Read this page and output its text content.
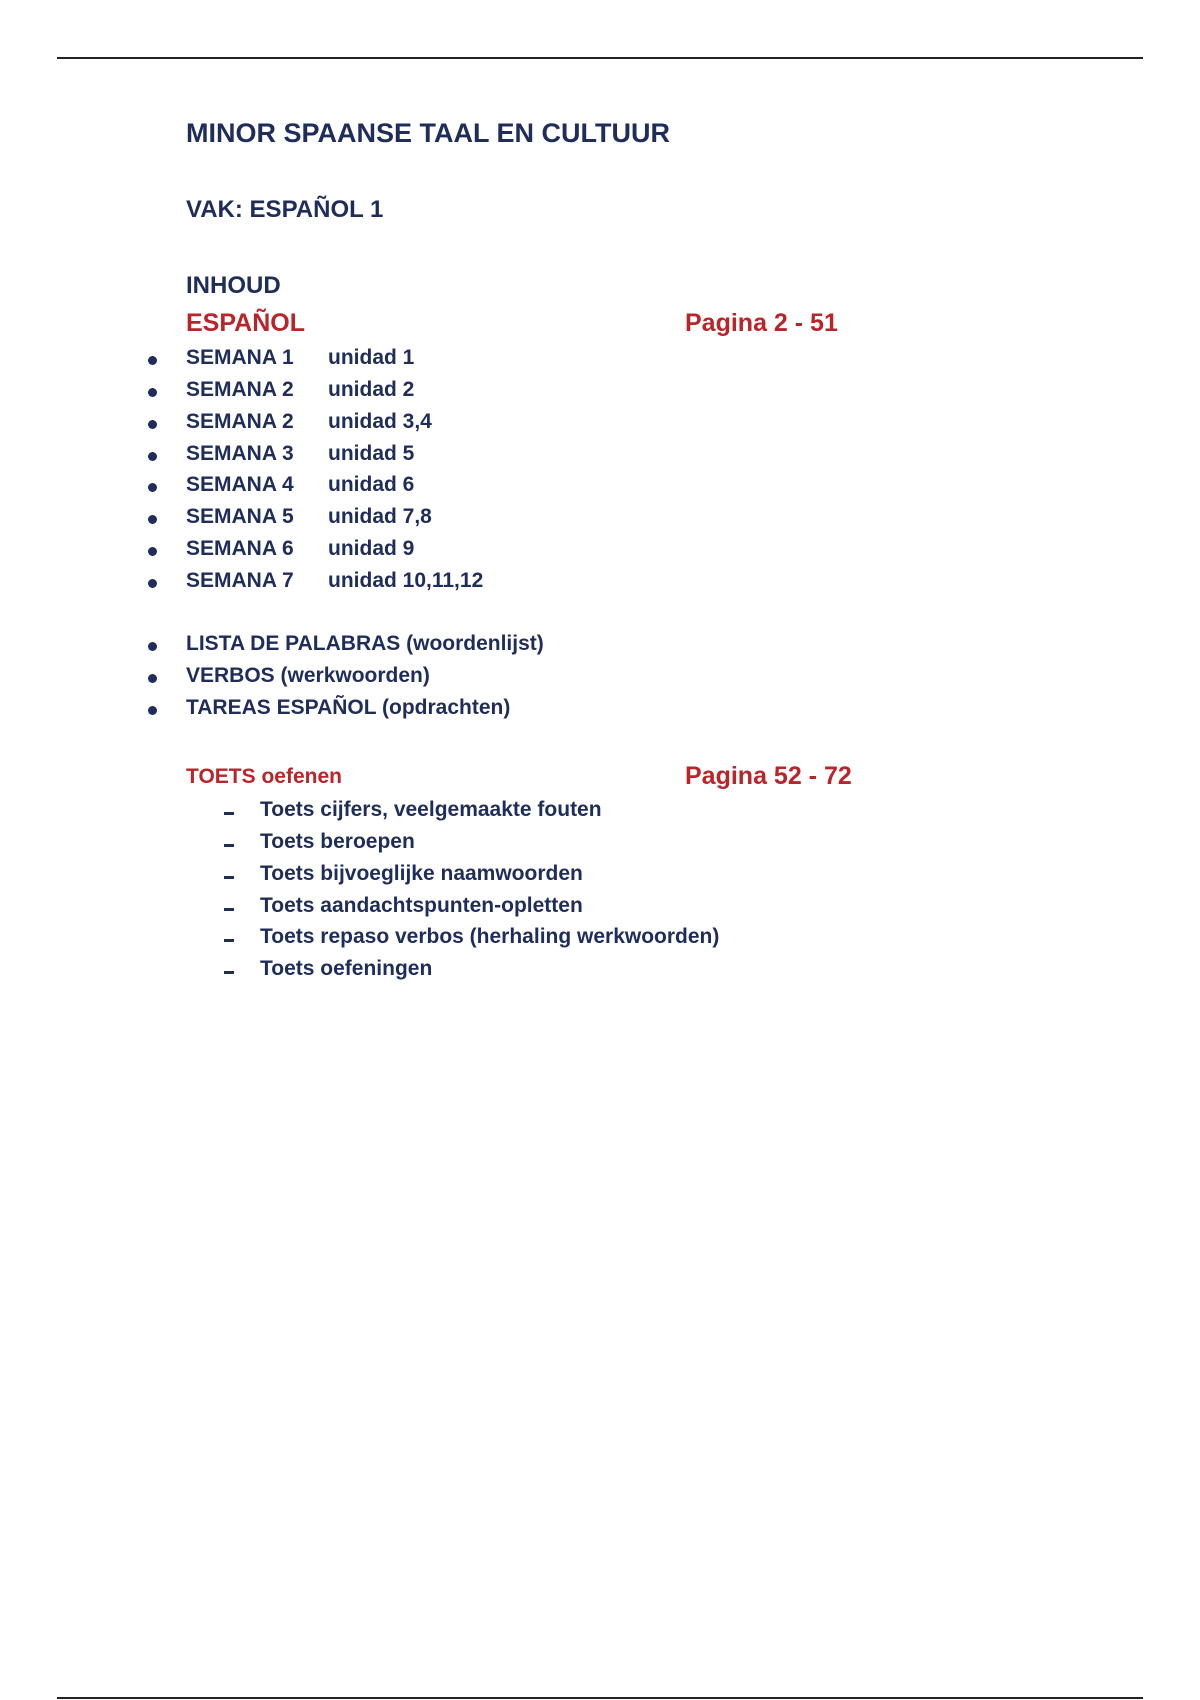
MINOR SPAANSE TAAL EN CULTUUR
VAK: ESPAÑOL 1
INHOUD
ESPAÑOL	Pagina 2 - 51
SEMANA 1 unidad 1
SEMANA 2 unidad 2
SEMANA 2 unidad 3,4
SEMANA 3 unidad 5
SEMANA 4 unidad 6
SEMANA 5 unidad 7,8
SEMANA 6 unidad 9
SEMANA 7 unidad 10,11,12
LISTA DE PALABRAS (woordenlijst)
VERBOS (werkwoorden)
TAREAS ESPAÑOL (opdrachten)
TOETS oefenen	Pagina 52 - 72
Toets cijfers, veelgemaakte fouten
Toets beroepen
Toets bijvoeglijke naamwoorden
Toets aandachtspunten-opletten
Toets repaso verbos (herhaling werkwoorden)
Toets oefeningen
